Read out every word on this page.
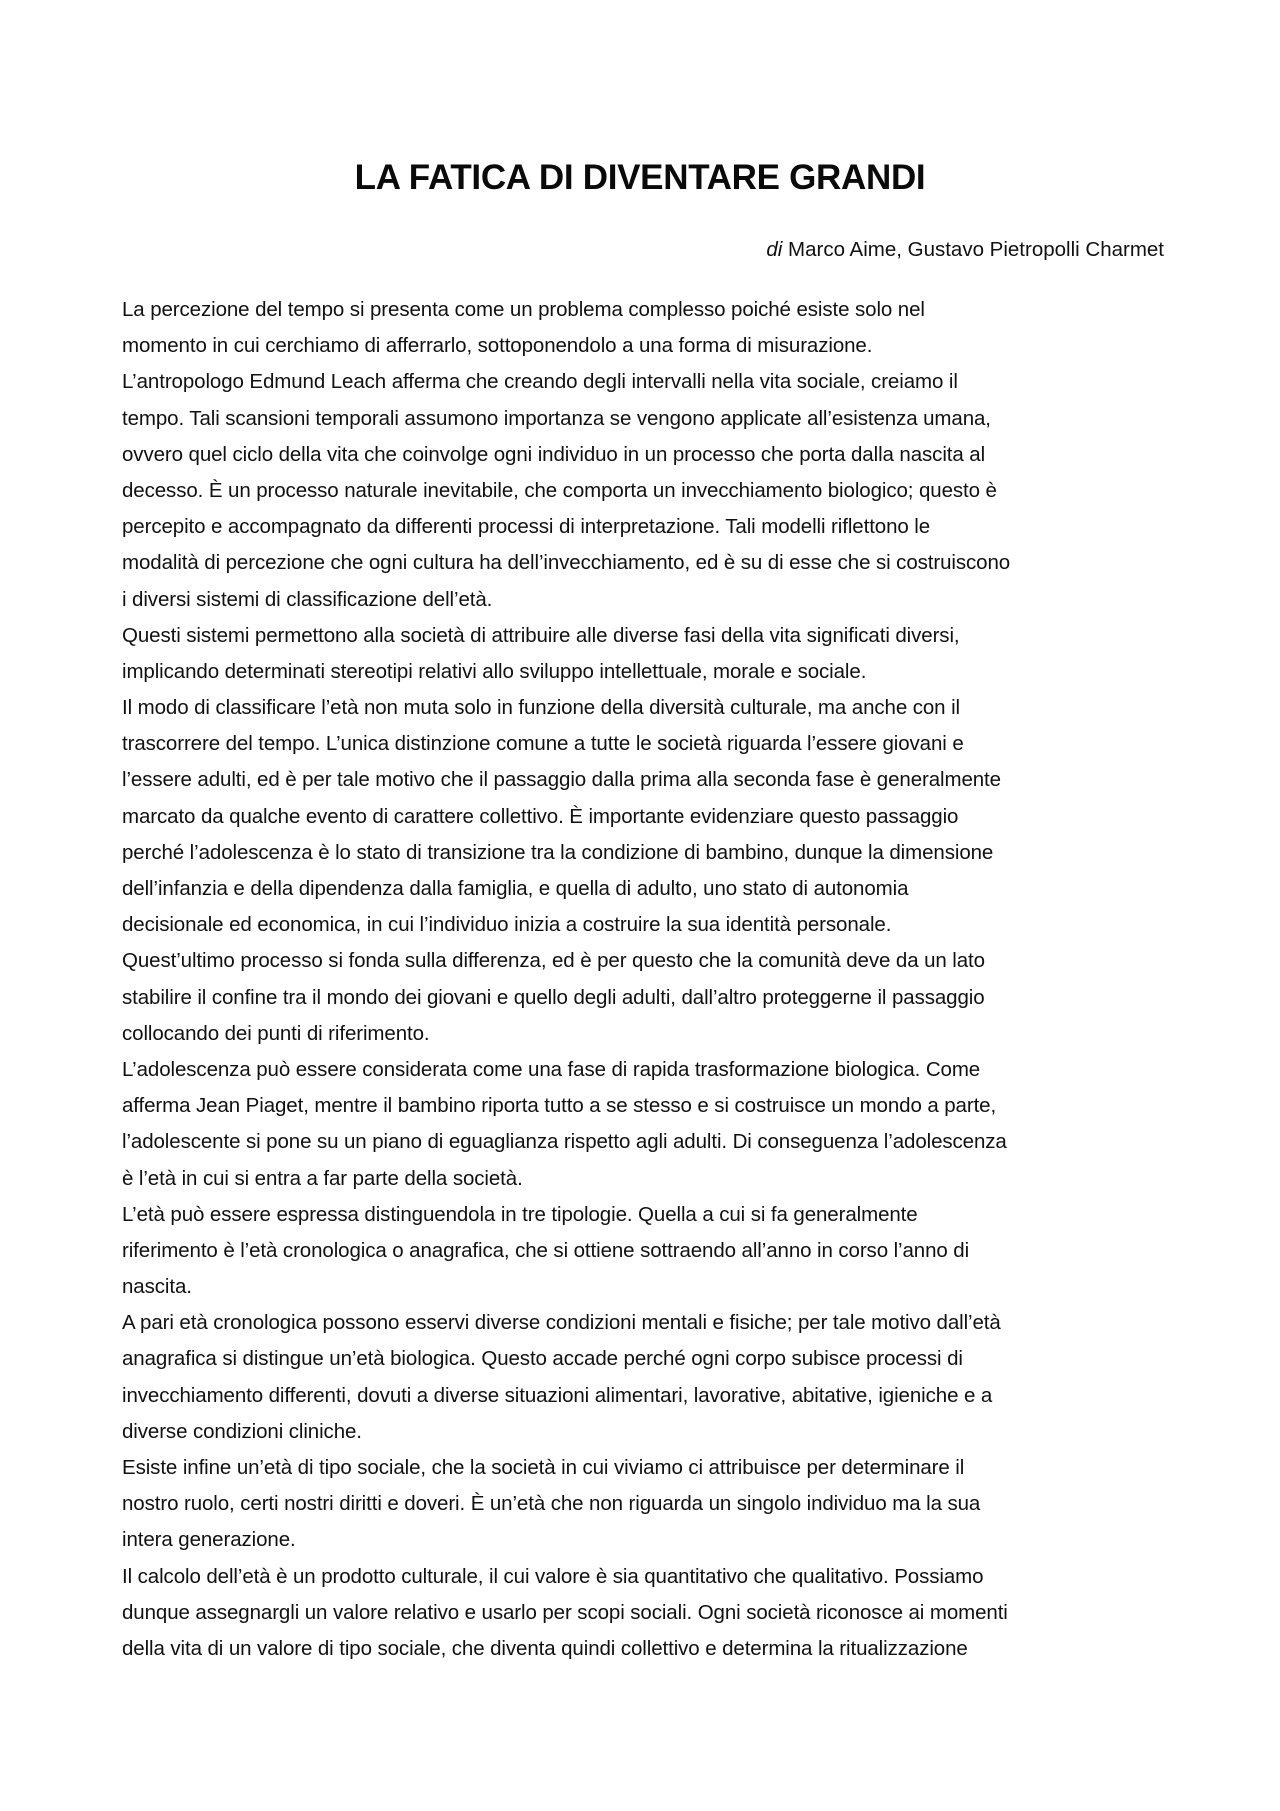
LA FATICA DI DIVENTARE GRANDI
di Marco Aime, Gustavo Pietropolli Charmet
La percezione del tempo si presenta come un problema complesso poiché esiste solo nel
momento in cui cerchiamo di afferrarlo, sottoponendolo a una forma di misurazione.
L’antropologo Edmund Leach afferma che creando degli intervalli nella vita sociale, creiamo il
tempo. Tali scansioni temporali assumono importanza se vengono applicate all’esistenza umana,
ovvero quel ciclo della vita che coinvolge ogni individuo in un processo che porta dalla nascita al
decesso. È un processo naturale inevitabile, che comporta un invecchiamento biologico; questo è
percepito e accompagnato da differenti processi di interpretazione. Tali modelli riflettono le
modalità di percezione che ogni cultura ha dell’invecchiamento, ed è su di esse che si costruiscono
i diversi sistemi di classificazione dell’età.
Questi sistemi permettono alla società di attribuire alle diverse fasi della vita significati diversi,
implicando determinati stereotipi relativi allo sviluppo intellettuale, morale e sociale.
Il modo di classificare l’età non muta solo in funzione della diversità culturale, ma anche con il
trascorrere del tempo. L’unica distinzione comune a tutte le società riguarda l’essere giovani e
l’essere adulti, ed è per tale motivo che il passaggio dalla prima alla seconda fase è generalmente
marcato da qualche evento di carattere collettivo. È importante evidenziare questo passaggio
perché l’adolescenza è lo stato di transizione tra la condizione di bambino, dunque la dimensione
dell’infanzia e della dipendenza dalla famiglia, e quella di adulto, uno stato di autonomia
decisionale ed economica, in cui l’individuo inizia a costruire la sua identità personale.
Quest’ultimo processo si fonda sulla differenza, ed è per questo che la comunità deve da un lato
stabilire il confine tra il mondo dei giovani e quello degli adulti, dall’altro proteggerne il passaggio
collocando dei punti di riferimento.
L’adolescenza può essere considerata come una fase di rapida trasformazione biologica. Come
afferma Jean Piaget, mentre il bambino riporta tutto a se stesso e si costruisce un mondo a parte,
l’adolescente si pone su un piano di eguaglianza rispetto agli adulti. Di conseguenza l’adolescenza
è l’età in cui si entra a far parte della società.
L’età può essere espressa distinguendola in tre tipologie. Quella a cui si fa generalmente
riferimento è l’età cronologica o anagrafica, che si ottiene sottraendo all’anno in corso l’anno di
nascita.
A pari età cronologica possono esservi diverse condizioni mentali e fisiche; per tale motivo dall’età
anagrafica si distingue un’età biologica. Questo accade perché ogni corpo subisce processi di
invecchiamento differenti, dovuti a diverse situazioni alimentari, lavorative, abitative, igieniche e a
diverse condizioni cliniche.
Esiste infine un’età di tipo sociale, che la società in cui viviamo ci attribuisce per determinare il
nostro ruolo, certi nostri diritti e doveri. È un’età che non riguarda un singolo individuo ma la sua
intera generazione.
Il calcolo dell’età è un prodotto culturale, il cui valore è sia quantitativo che qualitativo. Possiamo
dunque assegnargli un valore relativo e usarlo per scopi sociali. Ogni società riconosce ai momenti
della vita di un valore di tipo sociale, che diventa quindi collettivo e determina la ritualizzazione
